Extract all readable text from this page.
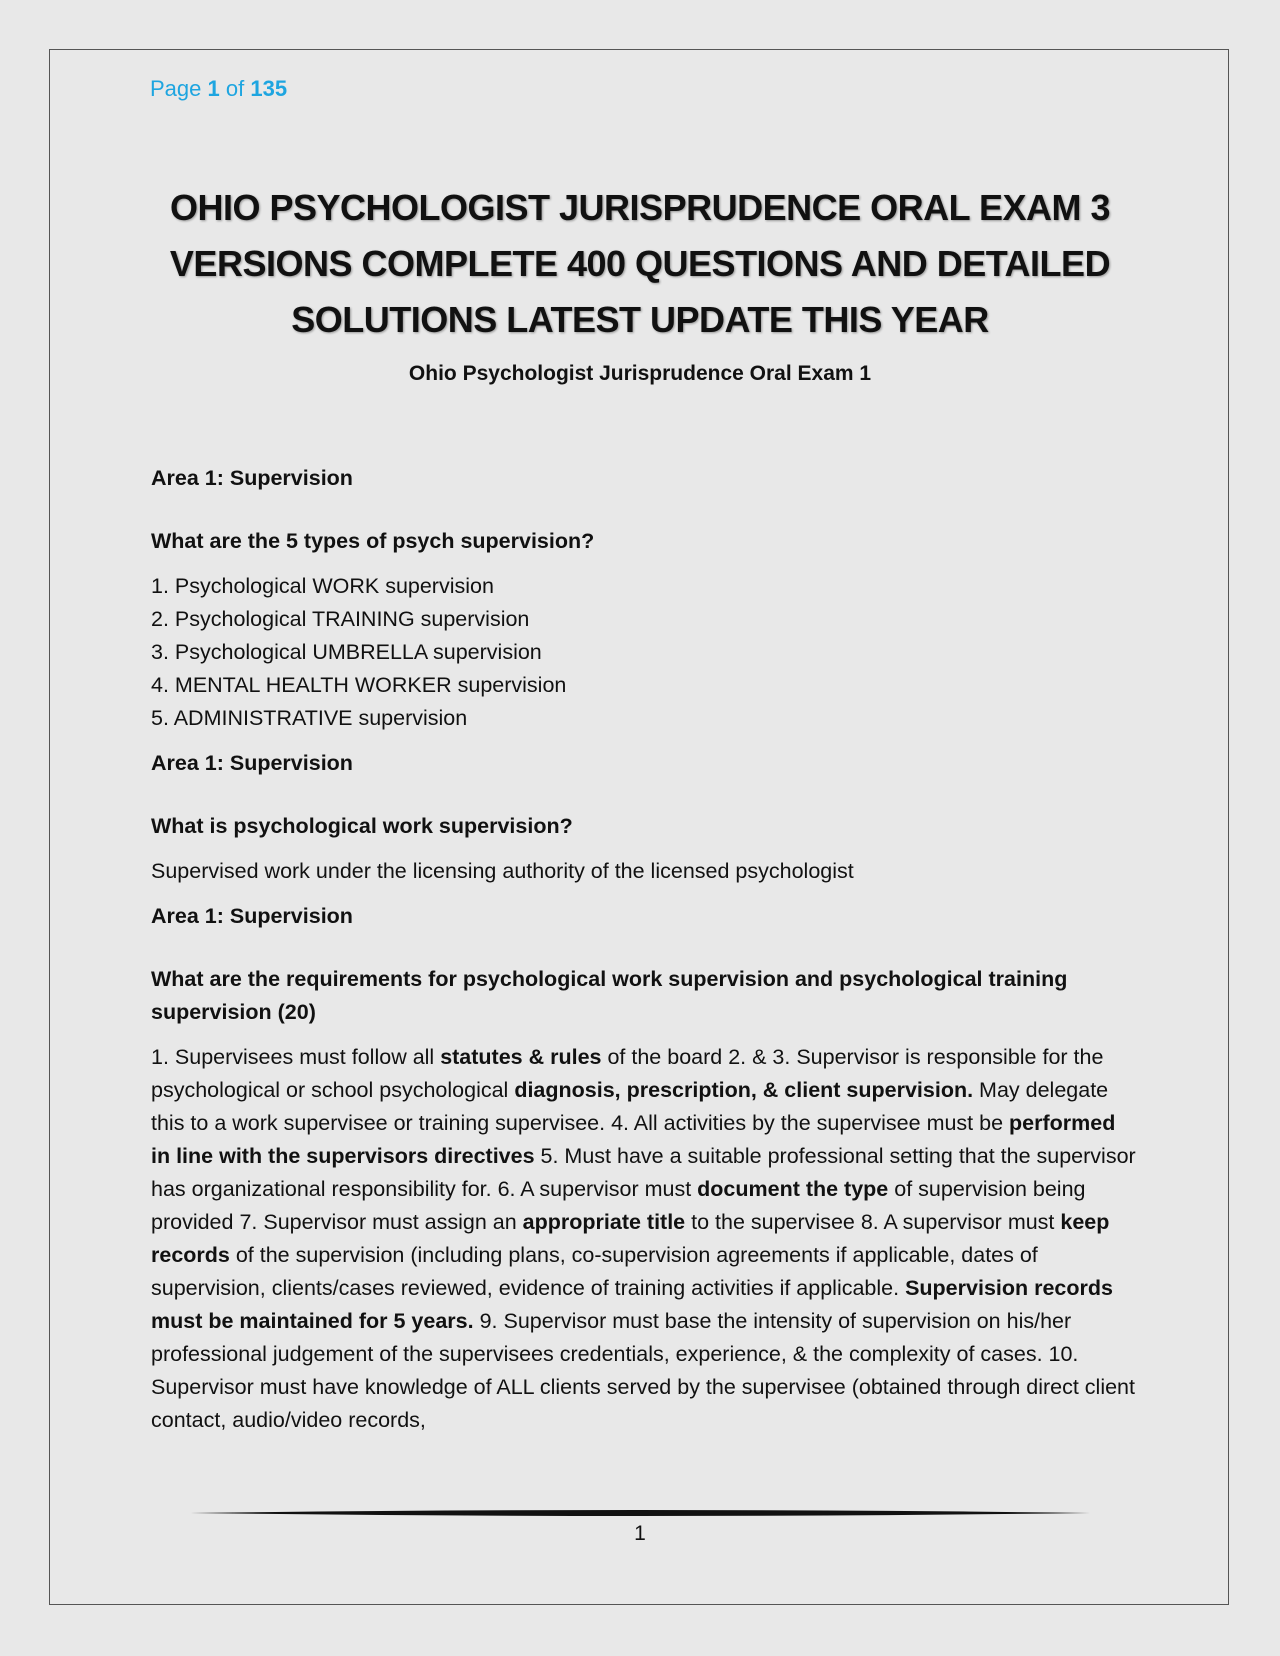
Page 1 of 135
OHIO PSYCHOLOGIST JURISPRUDENCE ORAL EXAM 3 VERSIONS COMPLETE 400 QUESTIONS AND DETAILED SOLUTIONS LATEST UPDATE THIS YEAR
Ohio Psychologist Jurisprudence Oral Exam 1

Area 1: Supervision

What are the 5 types of psych supervision?

1. Psychological WORK supervision
2. Psychological TRAINING supervision
3. Psychological UMBRELLA supervision
4. MENTAL HEALTH WORKER supervision
5. ADMINISTRATIVE supervision

Area 1: Supervision

What is psychological work supervision?

Supervised work under the licensing authority of the licensed psychologist

Area 1: Supervision

What are the requirements for psychological work supervision and psychological training supervision (20)

1. Supervisees must follow all statutes & rules of the board 2. & 3. Supervisor is responsible for the psychological or school psychological diagnosis, prescription, & client supervision. May delegate this to a work supervisee or training supervisee. 4. All activities by the supervisee must be performed in line with the supervisors directives 5. Must have a suitable professional setting that the supervisor has organizational responsibility for. 6. A supervisor must document the type of supervision being provided 7. Supervisor must assign an appropriate title to the supervisee 8. A supervisor must keep records of the supervision (including plans, co-supervision agreements if applicable, dates of supervision, clients/cases reviewed, evidence of training activities if applicable. Supervision records must be maintained for 5 years. 9. Supervisor must base the intensity of supervision on his/her professional judgement of the supervisees credentials, experience, & the complexity of cases. 10. Supervisor must have knowledge of ALL clients served by the supervisee (obtained through direct client contact, audio/video records,

1
